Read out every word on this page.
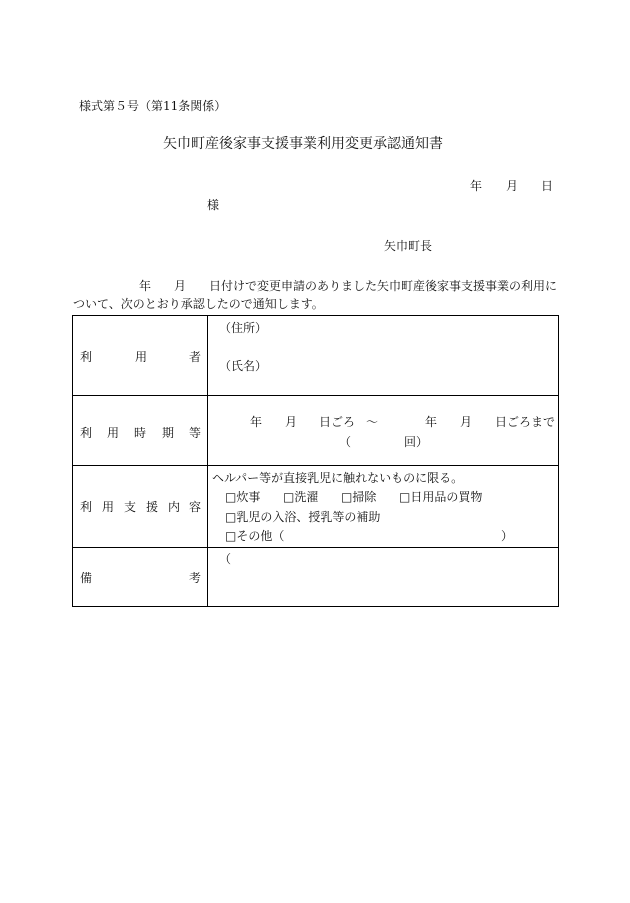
様式第５号（第11条関係）
矢巾町産後家事支援事業利用変更承認通知書
年 月 日
様
矢巾町長
年 月 日付けで変更申請のありました矢巾町産後家事支援事業の利用に
ついて、次のとおり承認したので通知します。
利	用	者
（住所）
（氏名）
利 用 時 期 等
年 月 日ごろ ～	年 月 日ごろまで
（	回）
利 用 支 援 内 容
ヘルパー等が直接乳児に触れないものに限る。
□炊事 □洗濯 □掃除 □日用品の買物
□乳児の入浴、授乳等の補助
□その他（	）
備	考
（
